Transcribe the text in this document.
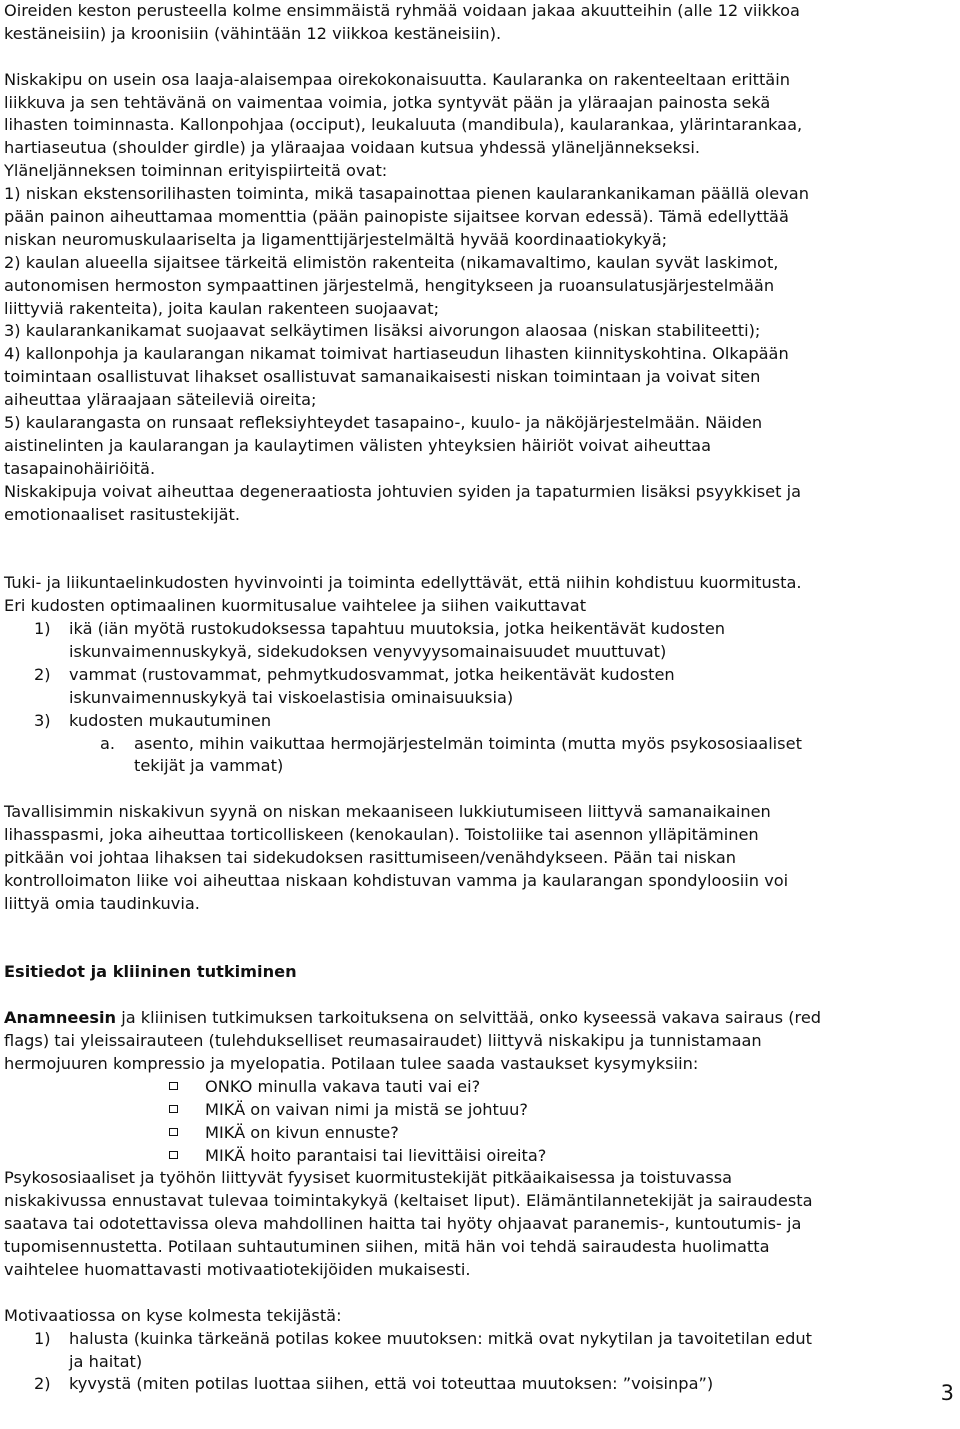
Oireiden keston perusteella kolme ensimmäistä ryhmää voidaan jakaa akuutteihin (alle 12 viikkoa
kestäneisiin) ja kroonisiin (vähintään 12 viikkoa kestäneisiin).
Niskakipu on usein osa laaja-alaisempaa oirekokonaisuutta. Kaularanka on rakenteeltaan erittäin
liikkuva ja sen tehtävänä on vaimentaa voimia, jotka syntyvät pään ja yläraajan painosta sekä
lihasten toiminnasta. Kallonpohjaa (occiput), leukaluuta (mandibula), kaularankaa, ylärintarankaa,
hartiaseutua (shoulder girdle) ja yläraajaa voidaan kutsua yhdessä yläneljännekseksi.
Yläneljänneksen toiminnan erityispiirteitä ovat:
1) niskan ekstensorilihasten toiminta, mikä tasapainottaa pienen kaularankanikaman päällä olevan
pään painon aiheuttamaa momenttia (pään painopiste sijaitsee korvan edessä). Tämä edellyttää
niskan neuromuskulaariselta ja ligamenttijärjestelmältä hyvää koordinaatiokykyä;
2) kaulan alueella sijaitsee tärkeitä elimistön rakenteita (nikamavaltimo, kaulan syvät laskimot,
autonomisen hermoston sympaattinen järjestelmä, hengitykseen ja ruoansulatusjärjestelmään
liittyviä rakenteita), joita kaulan rakenteen suojaavat;
3) kaularankanikamat suojaavat selkäytimen lisäksi aivorungon alaosaa (niskan stabiliteetti);
4) kallonpohja ja kaularangan nikamat toimivat hartiaseudun lihasten kiinnityskohtina. Olkapään
toimintaan osallistuvat lihakset osallistuvat samanaikaisesti niskan toimintaan ja voivat siten
aiheuttaa yläraajaan säteileviä oireita;
5) kaularangasta on runsaat refleksiyhteydet tasapaino-, kuulo- ja näköjärjestelmään. Näiden
aistinelinten ja kaularangan ja kaulaytimen välisten yhteyksien häiriöt voivat aiheuttaa
tasapainohäiriöitä.
Niskakipuja voivat aiheuttaa degeneraatiosta johtuvien syiden ja tapaturmien lisäksi psyykkiset ja
emotionaaliset rasitustekijät.
Tuki- ja liikuntaelinkudosten hyvinvointi ja toiminta edellyttävät, että niihin kohdistuu kuormitusta.
Eri kudosten optimaalinen kuormitusalue vaihtelee ja siihen vaikuttavat
1) ikä (iän myötä rustokudoksessa tapahtuu muutoksia, jotka heikentävät kudosten
iskunvaimennuskykyä, sidekudoksen venyvyysomainaisuudet muuttuvat)
2) vammat (rustovammat, pehmytkudosvammat, jotka heikentävät kudosten
iskunvaimennuskykyä tai viskoelastisia ominaisuuksia)
3) kudosten mukautuminen
a. asento, mihin vaikuttaa hermojärjestelmän toiminta (mutta myös psykososiaaliset
tekijät ja vammat)
Tavallisimmin niskakivun syynä on niskan mekaaniseen lukkiutumiseen liittyvä samanaikainen
lihasspasmi, joka aiheuttaa torticolliskeen (kenokaulan). Toistoliike tai asennon ylläpitäminen
pitkään voi johtaa lihaksen tai sidekudoksen rasittumiseen/venähdykseen. Pään tai niskan
kontrolloimaton liike voi aiheuttaa niskaan kohdistuvan vamma ja kaularangan spondyloosiin voi
liittyä omia taudinkuvia.
Esitiedot ja kliininen tutkiminen
Anamneesin ja kliinisen tutkimuksen tarkoituksena on selvittää, onko kyseessä vakava sairaus (red
flags) tai yleissairauteen (tulehdukselliset reumasairaudet) liittyvä niskakipu ja tunnistamaan
hermojuuren kompressio ja myelopatia. Potilaan tulee saada vastaukset kysymyksiin:
ONKO minulla vakava tauti vai ei?
MIKÄ on vaivan nimi ja mistä se johtuu?
MIKÄ on kivun ennuste?
MIKÄ hoito parantaisi tai lievittäisi oireita?
Psykososiaaliset ja työhön liittyvät fyysiset kuormitustekijät pitkäaikaisessa ja toistuvassa
niskakivussa ennustavat tulevaa toimintakykyä (keltaiset liput). Elämäntilannetekijät ja sairaudesta
saatava tai odotettavissa oleva mahdollinen haitta tai hyöty ohjaavat paranemis-, kuntoutumis- ja
tupomisennustetta. Potilaan suhtautuminen siihen, mitä hän voi tehdä sairaudesta huolimatta
vaihtelee huomattavasti motivaatiotekijöiden mukaisesti.
Motivaatiossa on kyse kolmesta tekijästä:
1) halusta (kuinka tärkeänä potilas kokee muutoksen: mitkä ovat nykytilan ja tavoitetilan edut
ja haitat)
2) kyvystä (miten potilas luottaa siihen, että voi toteuttaa muutoksen: ”voisinpa”)	3
